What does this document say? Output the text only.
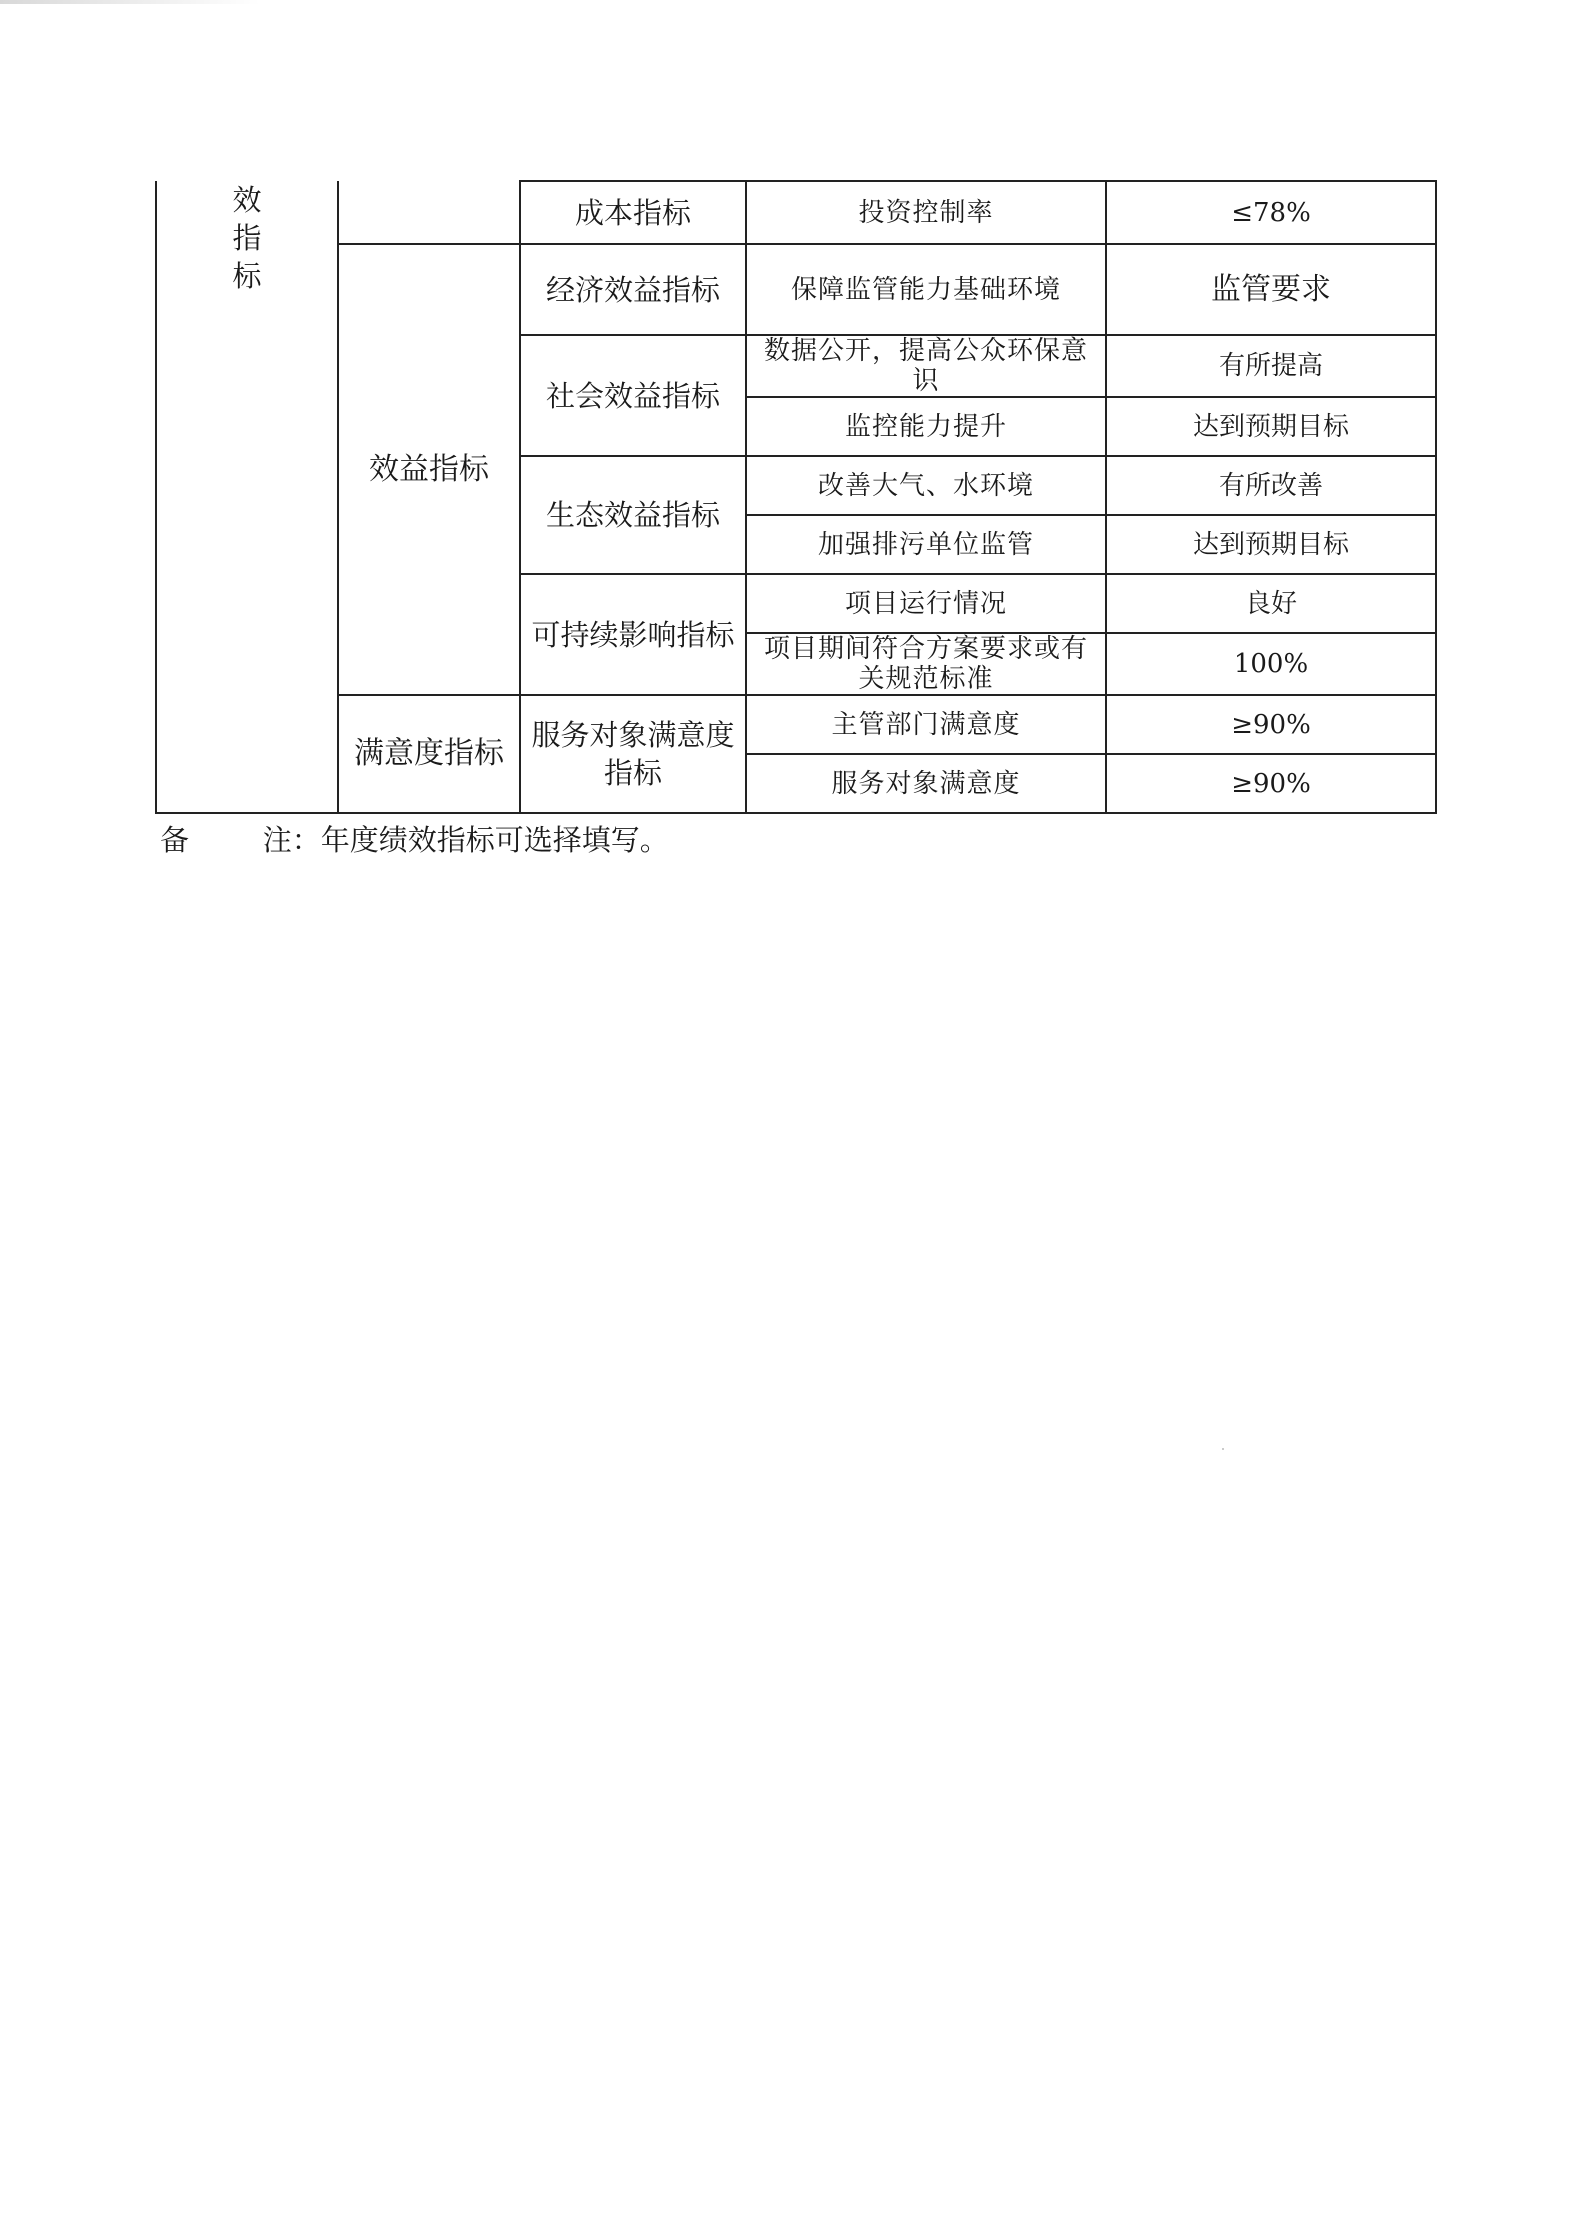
效指标		成本指标	投资控制率	≤78%
	效益指标	经济效益指标	保障监管能力基础环境	监管要求
		社会效益指标	数据公开，提高公众环保意识	有所提高
			监控能力提升	达到预期目标
		生态效益指标	改善大气、水环境	有所改善
			加强排污单位监管	达到预期目标
		可持续影响指标	项目运行情况	良好
			项目期间符合方案要求或有关规范标准	100%
	满意度指标	服务对象满意度指标	主管部门满意度	≥90%
			服务对象满意度	≥90%
备	注：年度绩效指标可选择填写。
